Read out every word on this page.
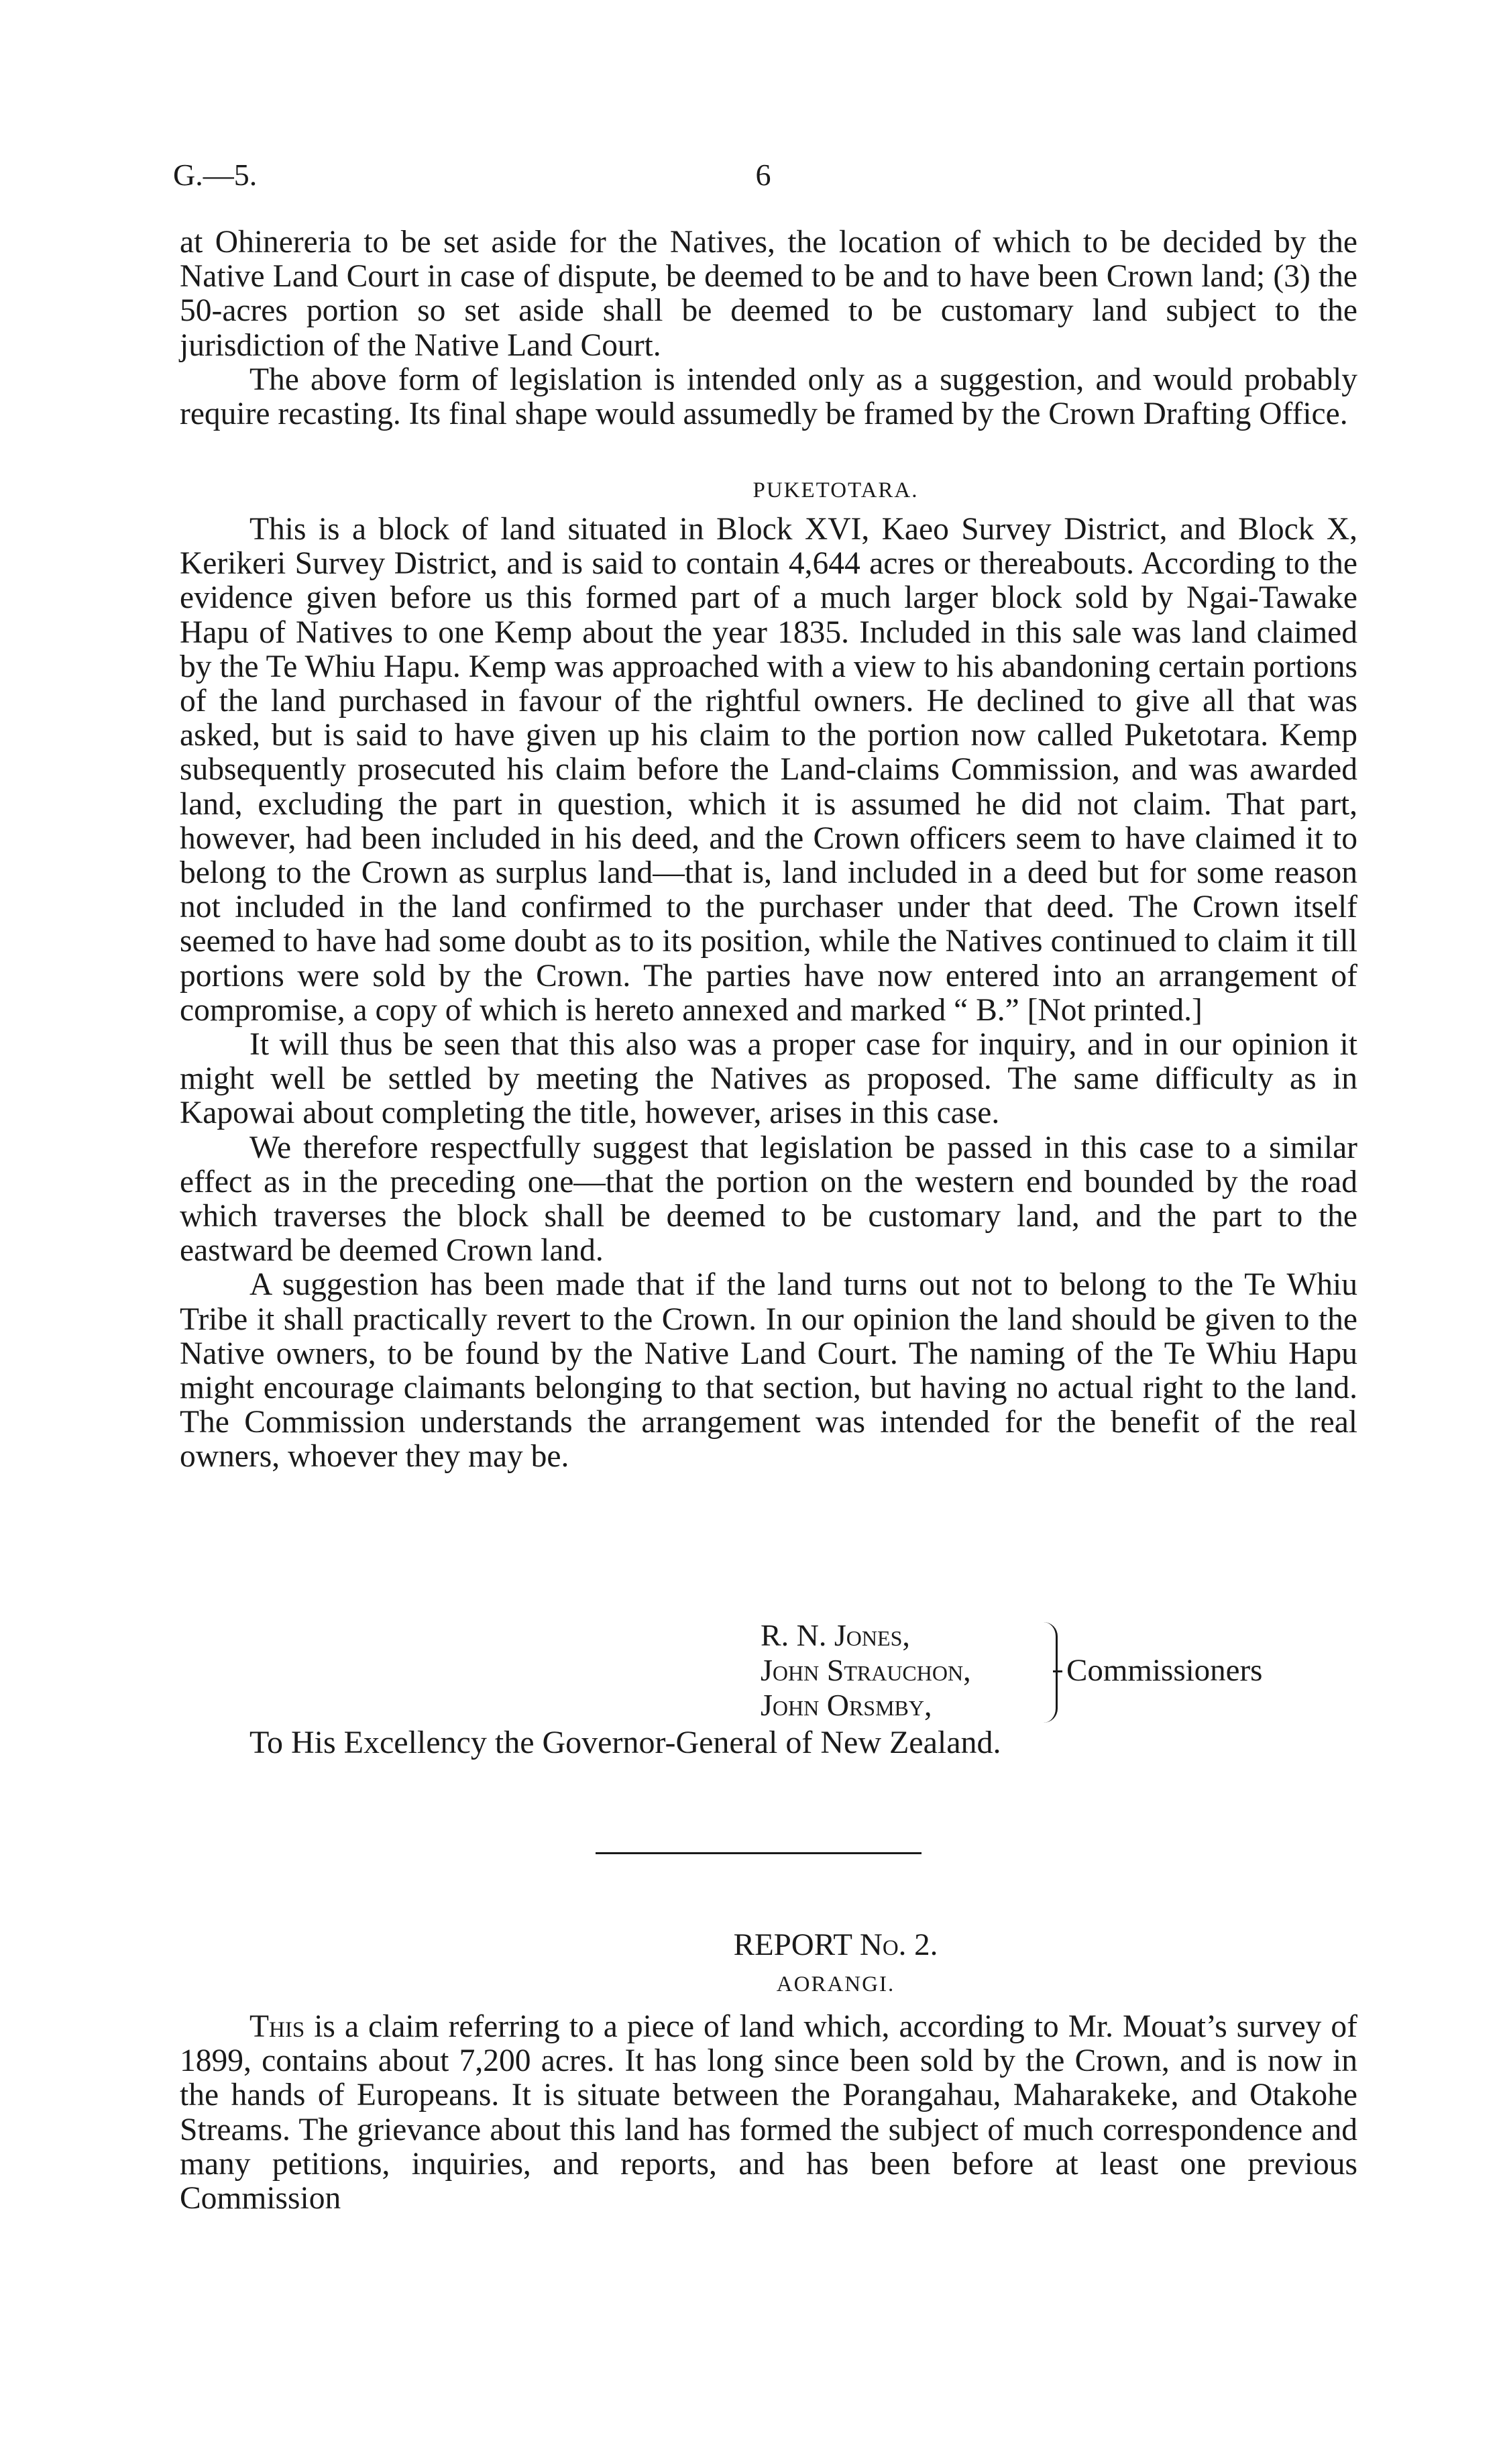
G.—5.	6

at Ohinereria to be set aside for the Natives, the location of which to be decided by the Native Land Court in case of dispute, be deemed to be and to have been Crown land; (3) the 50-acres portion so set aside shall be deemed to be customary land subject to the jurisdiction of the Native Land Court.

The above form of legislation is intended only as a suggestion, and would probably require recasting. Its final shape would assumedly be framed by the Crown Drafting Office.

PUKETOTARA.

This is a block of land situated in Block XVI, Kaeo Survey District, and Block X, Kerikeri Survey District, and is said to contain 4,644 acres or thereabouts. According to the evidence given before us this formed part of a much larger block sold by Ngai-Tawake Hapu of Natives to one Kemp about the year 1835. Included in this sale was land claimed by the Te Whiu Hapu. Kemp was approached with a view to his abandoning certain portions of the land purchased in favour of the rightful owners. He declined to give all that was asked, but is said to have given up his claim to the portion now called Puketotara. Kemp subsequently prosecuted his claim before the Land-claims Commission, and was awarded land, excluding the part in question, which it is assumed he did not claim. That part, however, had been included in his deed, and the Crown officers seem to have claimed it to belong to the Crown as surplus land—that is, land included in a deed but for some reason not included in the land confirmed to the purchaser under that deed. The Crown itself seemed to have had some doubt as to its position, while the Natives continued to claim it till portions were sold by the Crown. The parties have now entered into an arrangement of compromise, a copy of which is hereto annexed and marked “ B.” [Not printed.]

It will thus be seen that this also was a proper case for inquiry, and in our opinion it might well be settled by meeting the Natives as proposed. The same difficulty as in Kapowai about completing the title, however, arises in this case.

We therefore respectfully suggest that legislation be passed in this case to a similar effect as in the preceding one—that the portion on the western end bounded by the road which traverses the block shall be deemed to be customary land, and the part to the eastward be deemed Crown land.

A suggestion has been made that if the land turns out not to belong to the Te Whiu Tribe it shall practically revert to the Crown. In our opinion the land should be given to the Native owners, to be found by the Native Land Court. The naming of the Te Whiu Hapu might encourage claimants belonging to that section, but having no actual right to the land. The Commission understands the arrangement was intended for the benefit of the real owners, whoever they may be.

R. N. Jones,
John Strauchon,
John Orsmby,
Commissioners
To His Excellency the Governor-General of New Zealand.
REPORT No. 2.
AORANGI.

This is a claim referring to a piece of land which, according to Mr. Mouat’s survey of 1899, contains about 7,200 acres. It has long since been sold by the Crown, and is now in the hands of Europeans. It is situate between the Porangahau, Maharakeke, and Otakohe Streams. The grievance about this land has formed the subject of much correspondence and many petitions, inquiries, and reports, and has been before at least one previous Commission
